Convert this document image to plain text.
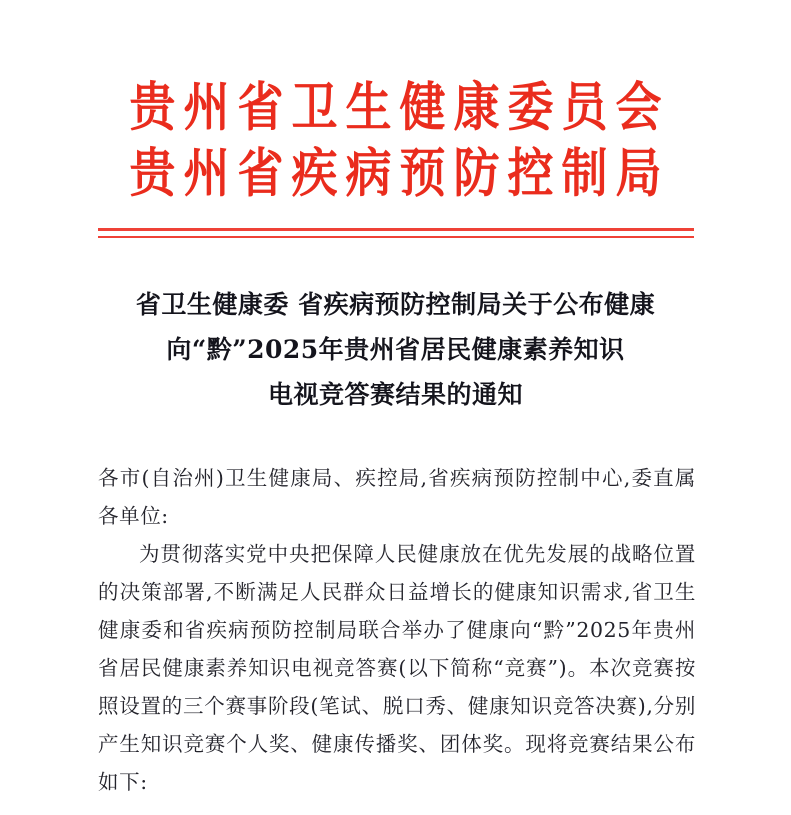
贵州省卫生健康委员会
贵州省疾病预防控制局
省卫生健康委 省疾病预防控制局关于公布健康
向“黔”2025年贵州省居民健康素养知识
电视竞答赛结果的通知

各市(自治州)卫生健康局、疾控局,省疾病预防控制中心,委直属各单位:

为贯彻落实党中央把保障人民健康放在优先发展的战略位置的决策部署,不断满足人民群众日益增长的健康知识需求,省卫生健康委和省疾病预防控制局联合举办了健康向“黔”2025年贵州省居民健康素养知识电视竞答赛(以下简称“竞赛”)。本次竞赛按照设置的三个赛事阶段(笔试、脱口秀、健康知识竞答决赛),分别产生知识竞赛个人奖、健康传播奖、团体奖。现将竞赛结果公布如下:
